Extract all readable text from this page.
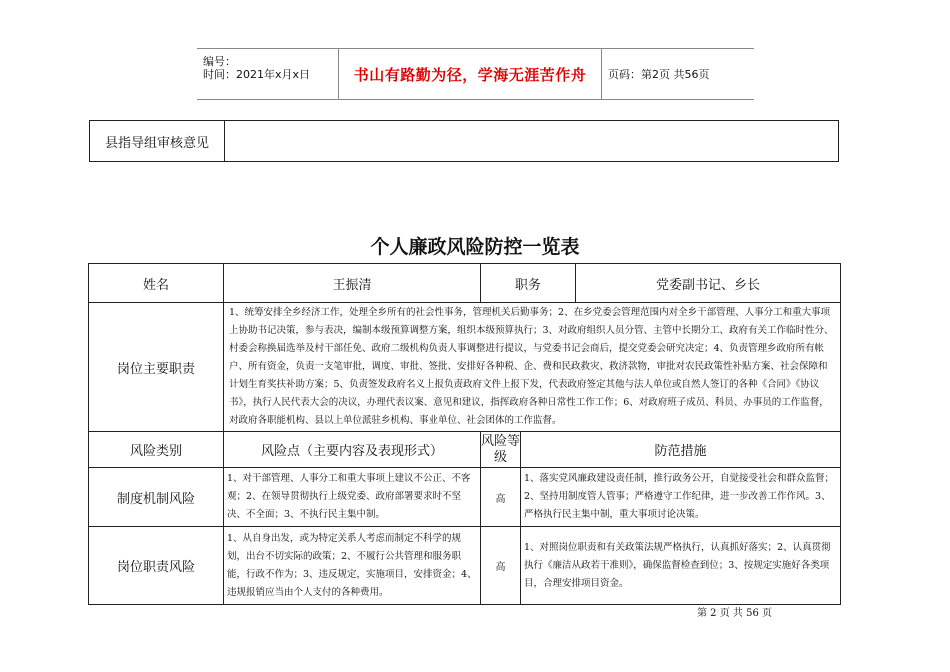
编号：
时间：2021年x月x日	书山有路勤为径，学海无涯苦作舟 页码：第2页 共56页
县指导组审核意见
个人廉政风险防控一览表
姓名	王振清	职务		党委副书记、乡长
岗位主要职责	1、统筹安排全乡经济工作，处理全乡所有的社会性事务，管理机关后勤事务；2、在乡党委会管理范围内对全乡干部管理、人事分工和重大事项上协助书记决策，参与表决，编制本级预算调整方案，组织本级预算执行；3、对政府组织人员分管、主管中长期分工、政府有关工作临时性分、村委会称换届选举及村干部任免、政府二级机构负责人事调整进行提议，与党委书记会商后，提交党委会研究决定；4、负责管理乡政府所有帐户、所有资金，负责一支笔审批，调度、审批、签批、安排好各种税、企、费和民政救灾、救济款物，审批对农民政策性补贴方案、社会保障和计划生育奖扶补助方案；5、负责签发政府名义上报负责政府文件上报下发，代表政府签定其他与法人单位或自然人签订的各种《合同》《协议书》，执行人民代表大会的决议，办理代表议案、意见和建议，指挥政府各种日常性工作工作；6、对政府班子成员、科员、办事员的工作监督，对政府各职能机构、县以上单位派驻乡机构、事业单位、社会团体的工作监督。			
风险类别	风险点（主要内容及表现形式）	风险等级	防范措施	
制度机制风险	1、对干部管理、人事分工和重大事项上建议不公正、不客观；2、在领导贯彻执行上级党委、政府部署要求时不坚决、不全面；3、不执行民主集中制。	高	1、落实党风廉政建设责任制，推行政务公开，自觉接受社会和群众监督；2、坚持用制度管人管事；严格遵守工作纪律，进一步改善工作作风。3、严格执行民主集中制，重大事项讨论决策。	
岗位职责风险	1、从自身出发，或为特定关系人考虑而制定不科学的规划，出台不切实际的政策；2、不履行公共管理和服务职能，行政不作为；3、违反规定，实施项目，安排资金；4、违规报销应当由个人支付的各种费用。	高	1、对照岗位职责和有关政策法规严格执行，认真抓好落实；2、认真贯彻执行《廉洁从政若干准则》，确保监督检查到位；3、按规定实施好各类项目，合理安排项目资金。	
第 2 页 共 56 页
